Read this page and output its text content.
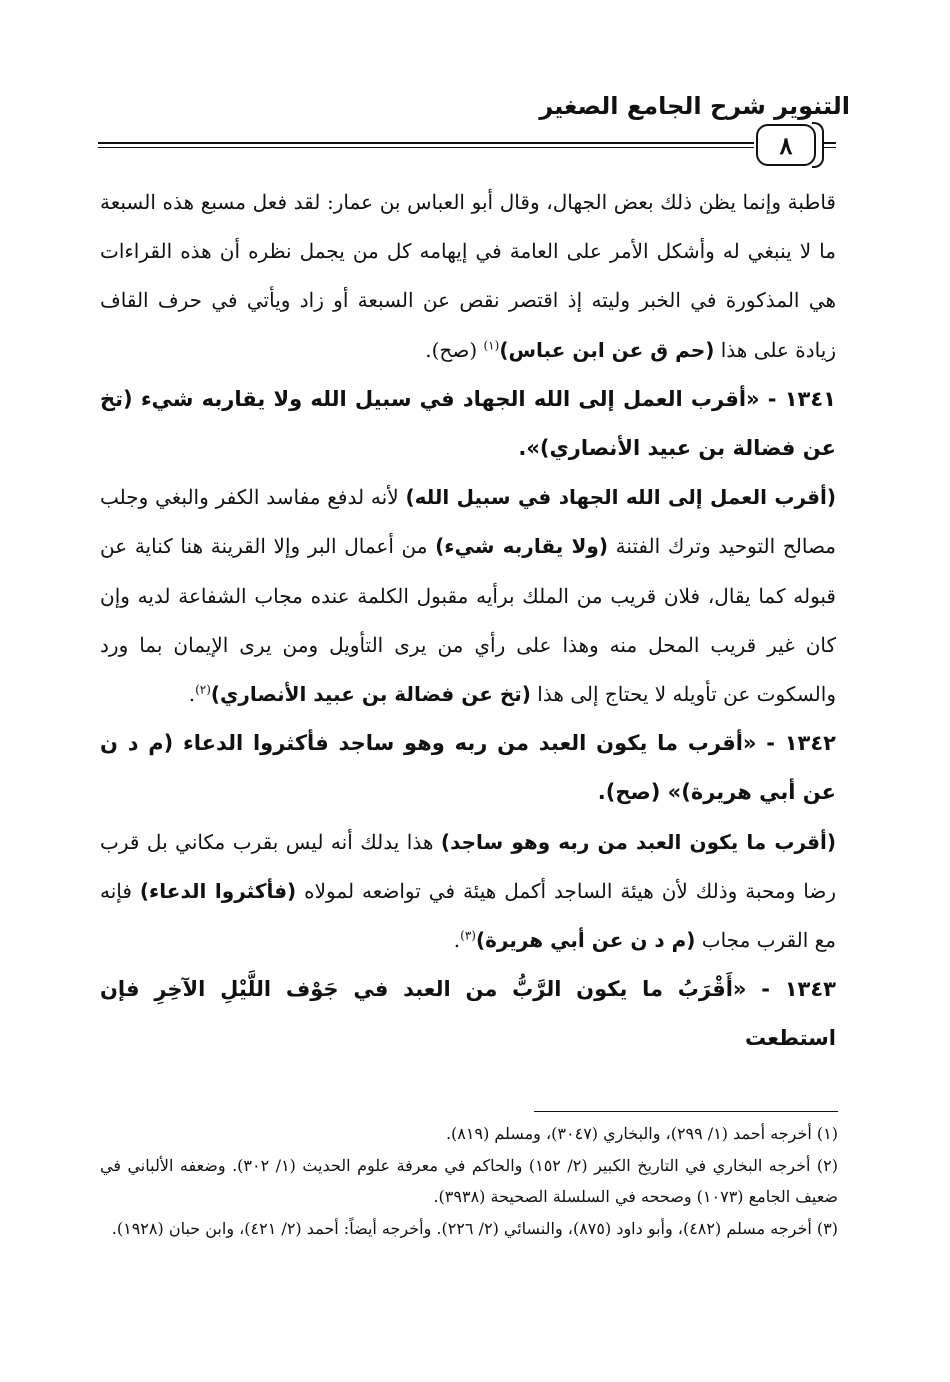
التنوير شرح الجامع الصغير
٨

قاطبة وإنما يظن ذلك بعض الجهال، وقال أبو العباس بن عمار: لقد فعل مسبع هذه السبعة ما لا ينبغي له وأشكل الأمر على العامة في إيهامه كل من يجمل نظره أن هذه القراءات هي المذكورة في الخبر وليته إذ اقتصر نقص عن السبعة أو زاد ويأتي في حرف القاف زيادة على هذا (حم ق عن ابن عباس)$^{(١)}$ (صح).

١٣٤١ - «أقرب العمل إلى الله الجهاد في سبيل الله ولا يقاربه شيء (تخ عن فضالة بن عبيد الأنصاري)».

(أقرب العمل إلى الله الجهاد في سبيل الله) لأنه لدفع مفاسد الكفر والبغي وجلب مصالح التوحيد وترك الفتنة (ولا يقاربه شيء) من أعمال البر وإلا القرينة هنا كناية عن قبوله كما يقال، فلان قريب من الملك برأيه مقبول الكلمة عنده مجاب الشفاعة لديه وإن كان غير قريب المحل منه وهذا على رأي من يرى التأويل ومن يرى الإيمان بما ورد والسكوت عن تأويله لا يحتاج إلى هذا (تخ عن فضالة بن عبيد الأنصاري)$^{(٢)}$.

١٣٤٢ - «أقرب ما يكون العبد من ربه وهو ساجد فأكثروا الدعاء (م د ن عن أبي هريرة)» (صح).

(أقرب ما يكون العبد من ربه وهو ساجد) هذا يدلك أنه ليس بقرب مكاني بل قرب رضا ومحبة وذلك لأن هيئة الساجد أكمل هيئة في تواضعه لمولاه (فأكثروا الدعاء) فإنه مع القرب مجاب (م د ن عن أبي هريرة)$^{(٣)}$.

١٣٤٣ - «أَقْرَبُ ما يكون الرَّبُّ من العبد في جَوْف اللَّيْلِ الآخِرِ فإن استطعت

(١) أخرجه أحمد (١/ ٢٩٩)، والبخاري (٣٠٤٧)، ومسلم (٨١٩).

(٢) أخرجه البخاري في التاريخ الكبير (٢/ ١٥٢) والحاكم في معرفة علوم الحديث (١/ ٣٠٢). وضعفه الألباني في ضعيف الجامع (١٠٧٣) وصححه في السلسلة الصحيحة (٣٩٣٨).

(٣) أخرجه مسلم (٤٨٢)، وأبو داود (٨٧٥)، والنسائي (٢/ ٢٢٦). وأخرجه أيضاً: أحمد (٢/ ٤٢١)، وابن حبان (١٩٢٨).
